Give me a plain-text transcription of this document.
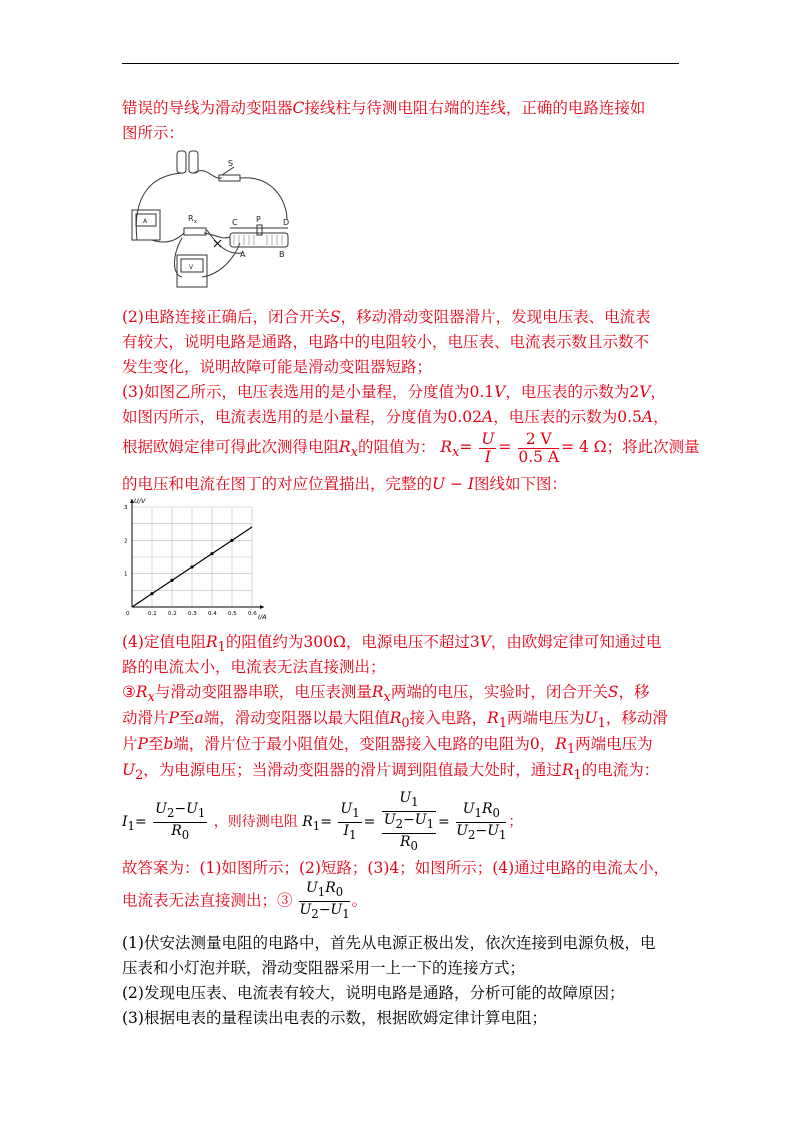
错误的导线为滑动变阻器C接线柱与待测电阻右端的连线，正确的电路连接如
图所示：
S
R x	C P	D
A	B
A
V
(2)电路连接正确后，闭合开关S，移动滑动变阻器滑片，发现电压表、电流表
有较大，说明电路是通路，电路中的电阻较小，电压表、电流表示数且示数不
发生变化，说明故障可能是滑动变阻器短路；
(3)如图乙所示，电压表选用的是小量程，分度值为0.1V，电压表的示数为2V，
如图丙所示，电流表选用的是小量程，分度值为0.02A，电压表的示数为0.5A，
根据欧姆定律可得此次测得电阻$R_x$的阻值为： $R_x= \frac{U}{I} = \frac{2 V}{0.5 A} = 4$ Ω；将此次测量
的电压和电流在图丁的对应位置描出，完整的U − I图线如下图：
0	0.1 0.2 0.3 0.4 0.5 0.6
1
2
3
U/V
I/A
(4)定值电阻$R_1$的阻值约为300Ω，电源电压不超过3V，由欧姆定律可知通过电
路的电流太小，电流表无法直接测出；
$③R_x$与滑动变阻器串联，电压表测量$R_x$两端的电压，实验时，闭合开关S，移
动滑片P至a端，滑动变阻器以最大阻值$R_0$接入电路，$R_1$两端电压为$U_1$，移动滑
片P至b端，滑片位于最小阻值处，变阻器接入电路的电阻为0，$R_1$两端电压为
$U_2$，为电源电压；当滑动变阻器的滑片调到阻值最大处时，通过$R_1$的电流为：
$I_1= \frac{U_2-U_1}{R_0}$ ，则待测电阻 $R_1= \frac{U_1}{I_1} = \frac{U_1}{\frac{U_2-U_1}{R_0}} = \frac{U_1R_0}{U_2-U_1}$ ；
故答案为：(1)如图所示；(2)短路；(3)4；如图所示；(4)通过电路的电流太小，
电流表无法直接测出；③ $\frac{U_1R_0}{U_2-U_1}$ 。
(1)伏安法测量电阻的电路中，首先从电源正极出发，依次连接到电源负极，电
压表和小灯泡并联，滑动变阻器采用一上一下的连接方式；
(2)发现电压表、电流表有较大，说明电路是通路，分析可能的故障原因；
(3)根据电表的量程读出电表的示数，根据欧姆定律计算电阻；
